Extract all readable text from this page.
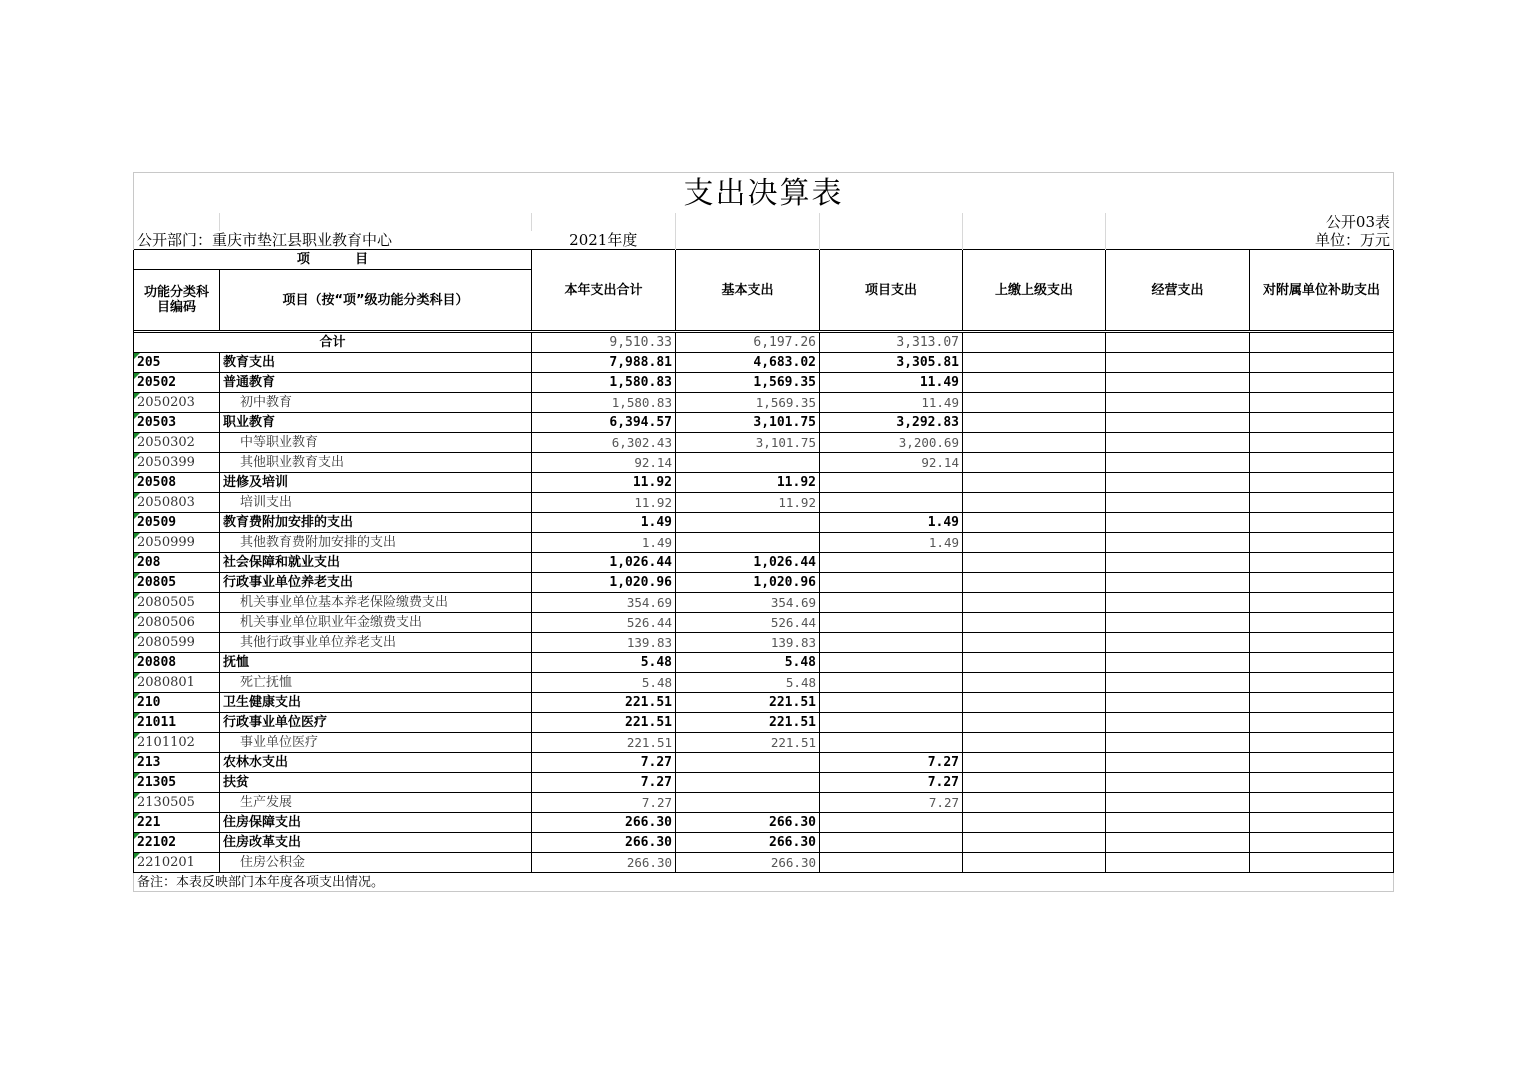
支出决算表							
						公开03表	
公开部门：重庆市垫江县职业教育中心		2021年度				单位：万元	
项          目		本年支出合计	基本支出	项目支出	上缴上级支出	经营支出	对附属单位补助支出
功能分类科目编码	项目（按“项”级功能分类科目）						

合计		9,510.33	6,197.26	3,313.07			
205	教育支出	7,988.81	4,683.02	3,305.81			
20502	普通教育	1,580.83	1,569.35	11.49			
2050203	初中教育	1,580.83	1,569.35	11.49			
20503	职业教育	6,394.57	3,101.75	3,292.83			
2050302	中等职业教育	6,302.43	3,101.75	3,200.69			
2050399	其他职业教育支出	92.14		92.14			
20508	进修及培训	11.92	11.92				
2050803	培训支出	11.92	11.92				
20509	教育费附加安排的支出	1.49		1.49			
2050999	其他教育费附加安排的支出	1.49		1.49			
208	社会保障和就业支出	1,026.44	1,026.44				
20805	行政事业单位养老支出	1,020.96	1,020.96				
2080505	机关事业单位基本养老保险缴费支出	354.69	354.69				
2080506	机关事业单位职业年金缴费支出	526.44	526.44				
2080599	其他行政事业单位养老支出	139.83	139.83				
20808	抚恤	5.48	5.48				
2080801	死亡抚恤	5.48	5.48				
210	卫生健康支出	221.51	221.51				
21011	行政事业单位医疗	221.51	221.51				
2101102	事业单位医疗	221.51	221.51				
213	农林水支出	7.27		7.27			
21305	扶贫	7.27		7.27			
2130505	生产发展	7.27		7.27			
221	住房保障支出	266.30	266.30				
22102	住房改革支出	266.30	266.30				
2210201	住房公积金	266.30	266.30				
备注：本表反映部门本年度各项支出情况。							
